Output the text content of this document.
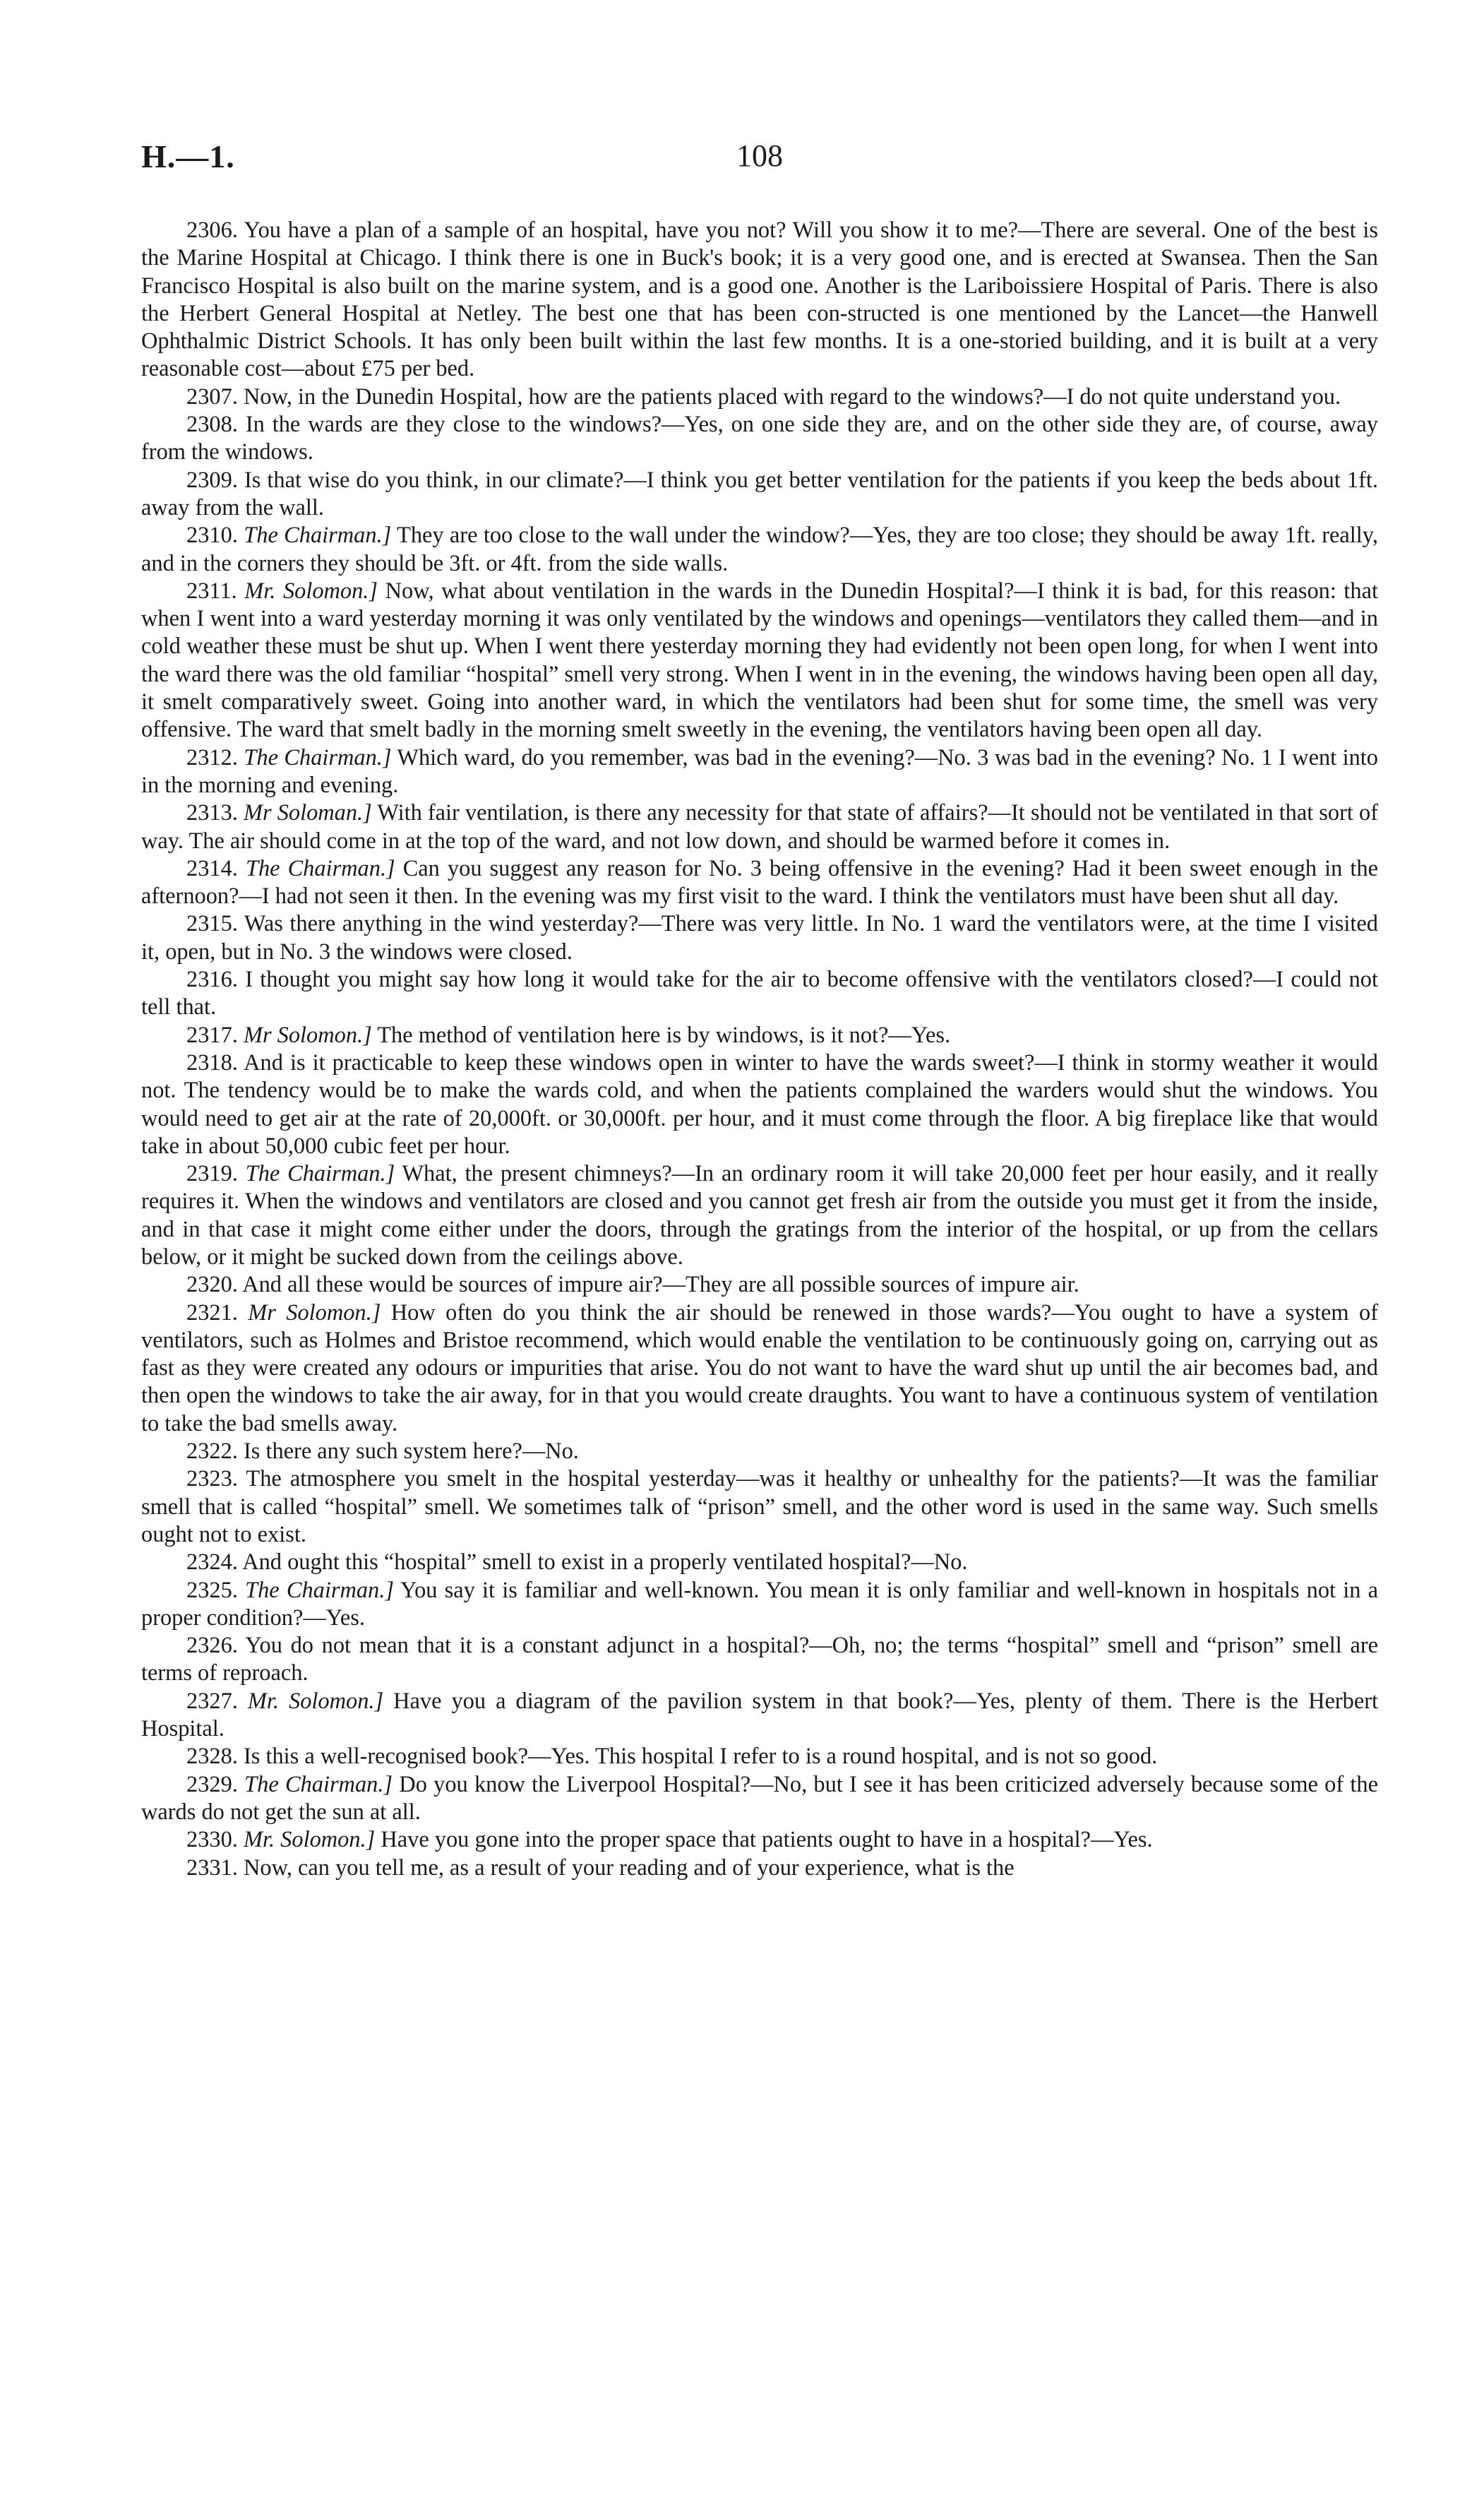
H.—1.	108

2306. You have a plan of a sample of an hospital, have you not? Will you show it to me?—There are several. One of the best is the Marine Hospital at Chicago. I think there is one in Buck's book; it is a very good one, and is erected at Swansea. Then the San Francisco Hospital is also built on the marine system, and is a good one. Another is the Lariboissiere Hospital of Paris. There is also the Herbert General Hospital at Netley. The best one that has been con-structed is one mentioned by the Lancet—the Hanwell Ophthalmic District Schools. It has only been built within the last few months. It is a one-storied building, and it is built at a very reasonable cost—about £75 per bed.

2307. Now, in the Dunedin Hospital, how are the patients placed with regard to the windows?—I do not quite understand you.

2308. In the wards are they close to the windows?—Yes, on one side they are, and on the other side they are, of course, away from the windows.

2309. Is that wise do you think, in our climate?—I think you get better ventilation for the patients if you keep the beds about 1ft. away from the wall.

2310. The Chairman.] They are too close to the wall under the window?—Yes, they are too close; they should be away 1ft. really, and in the corners they should be 3ft. or 4ft. from the side walls.

2311. Mr. Solomon.] Now, what about ventilation in the wards in the Dunedin Hospital?—I think it is bad, for this reason: that when I went into a ward yesterday morning it was only ventilated by the windows and openings—ventilators they called them—and in cold weather these must be shut up. When I went there yesterday morning they had evidently not been open long, for when I went into the ward there was the old familiar “hospital” smell very strong. When I went in in the evening, the windows having been open all day, it smelt comparatively sweet. Going into another ward, in which the ventilators had been shut for some time, the smell was very offensive. The ward that smelt badly in the morning smelt sweetly in the evening, the ventilators having been open all day.

2312. The Chairman.] Which ward, do you remember, was bad in the evening?—No. 3 was bad in the evening? No. 1 I went into in the morning and evening.

2313. Mr Soloman.] With fair ventilation, is there any necessity for that state of affairs?—It should not be ventilated in that sort of way. The air should come in at the top of the ward, and not low down, and should be warmed before it comes in.

2314. The Chairman.] Can you suggest any reason for No. 3 being offensive in the evening? Had it been sweet enough in the afternoon?—I had not seen it then. In the evening was my first visit to the ward. I think the ventilators must have been shut all day.

2315. Was there anything in the wind yesterday?—There was very little. In No. 1 ward the ventilators were, at the time I visited it, open, but in No. 3 the windows were closed.

2316. I thought you might say how long it would take for the air to become offensive with the ventilators closed?—I could not tell that.

2317. Mr Solomon.] The method of ventilation here is by windows, is it not?—Yes.

2318. And is it practicable to keep these windows open in winter to have the wards sweet?—I think in stormy weather it would not. The tendency would be to make the wards cold, and when the patients complained the warders would shut the windows. You would need to get air at the rate of 20,000ft. or 30,000ft. per hour, and it must come through the floor. A big fireplace like that would take in about 50,000 cubic feet per hour.

2319. The Chairman.] What, the present chimneys?—In an ordinary room it will take 20,000 feet per hour easily, and it really requires it. When the windows and ventilators are closed and you cannot get fresh air from the outside you must get it from the inside, and in that case it might come either under the doors, through the gratings from the interior of the hospital, or up from the cellars below, or it might be sucked down from the ceilings above.

2320. And all these would be sources of impure air?—They are all possible sources of impure air.

2321. Mr Solomon.] How often do you think the air should be renewed in those wards?—You ought to have a system of ventilators, such as Holmes and Bristoe recommend, which would enable the ventilation to be continuously going on, carrying out as fast as they were created any odours or impurities that arise. You do not want to have the ward shut up until the air becomes bad, and then open the windows to take the air away, for in that you would create draughts. You want to have a continuous system of ventilation to take the bad smells away.

2322. Is there any such system here?—No.

2323. The atmosphere you smelt in the hospital yesterday—was it healthy or unhealthy for the patients?—It was the familiar smell that is called “hospital” smell. We sometimes talk of “prison” smell, and the other word is used in the same way. Such smells ought not to exist.

2324. And ought this “hospital” smell to exist in a properly ventilated hospital?—No.

2325. The Chairman.] You say it is familiar and well-known. You mean it is only familiar and well-known in hospitals not in a proper condition?—Yes.

2326. You do not mean that it is a constant adjunct in a hospital?—Oh, no; the terms “hospital” smell and “prison” smell are terms of reproach.

2327. Mr. Solomon.] Have you a diagram of the pavilion system in that book?—Yes, plenty of them. There is the Herbert Hospital.

2328. Is this a well-recognised book?—Yes. This hospital I refer to is a round hospital, and is not so good.

2329. The Chairman.] Do you know the Liverpool Hospital?—No, but I see it has been criticized adversely because some of the wards do not get the sun at all.

2330. Mr. Solomon.] Have you gone into the proper space that patients ought to have in a hospital?—Yes.

2331. Now, can you tell me, as a result of your reading and of your experience, what is the
